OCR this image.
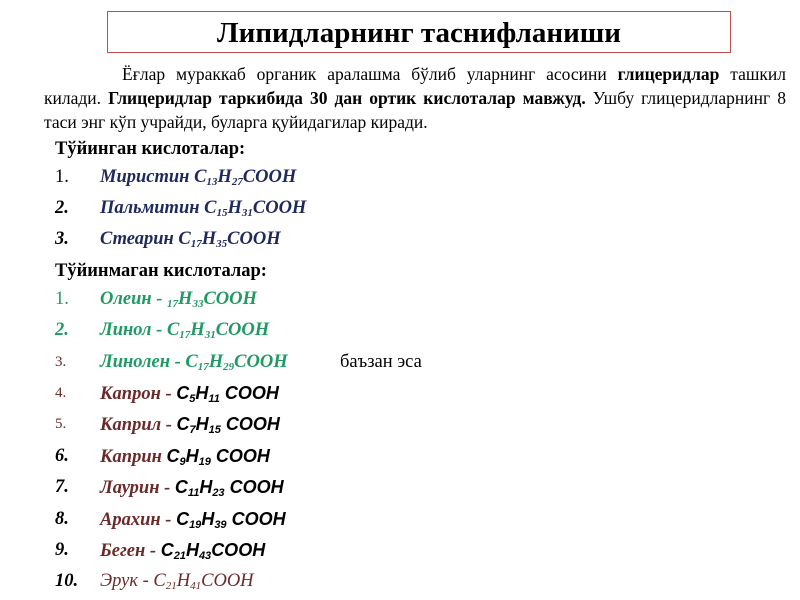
Липидларнинг таснифланиши

Ёғлар мураккаб органик аралашма бўлиб уларнинг асосини глицеридлар ташкил килади. Глицеридлар таркибида 30 дан ортик кислоталар мавжуд. Ушбу глицеридларнинг 8 таси энг кўп учрайди, буларга қуйидагилар киради.

Тўйинган кислоталар:
1. Миристин $C_{13}H_{27}COOH$
2. Пальмитин $C_{15}H_{31}COOH$
3. Стеарин $C_{17}H_{35}COOH$
Тўйинмаган кислоталар:
1. Олеин - $_{17}H_{33}COOH$
2. Линол - $C_{17}H_{31}COOH$
3. Линолен - $C_{17}H_{29}COOH$	баъзан эса
4. Капрон - $C_5H_{11}$ COOH
5. Каприл - $C_7H_{15}$ COOH
6. Каприн $C_9H_{19}$ COOH
7. Лаурин - $C_{11}H_{23}$ COOH
8. Арахин - $C_{19}H_{39}$ COOH
9. Беген - $C_{21}H_{43}COOH$
10. Эрук - $C_{21}H_{41}COOH$
